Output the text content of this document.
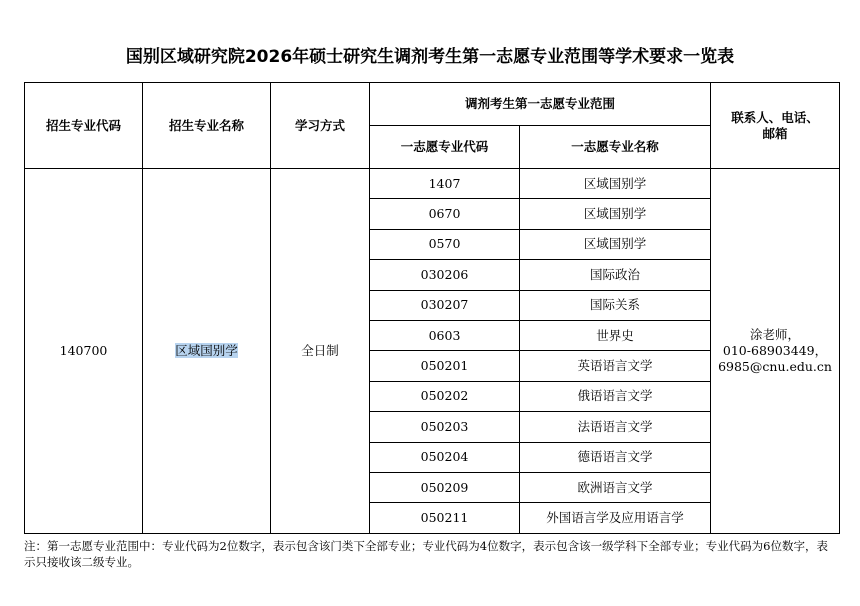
国别区域研究院2026年硕士研究生调剂考生第一志愿专业范围等学术要求一览表
招生专业代码	招生专业名称	学习方式	调剂考生第一志愿专业范围		联系人、电话、邮箱
			一志愿专业代码	一志愿专业名称	
140700	区域国别学	全日制	1407	区域国别学	涂老师，
010-68903449，
6985@cnu.edu.cn

			0670	区域国别学	
			0570	区域国别学	
			030206	国际政治	
			030207	国际关系	
			0603	世界史	
			050201	英语语言文学	
			050202	俄语语言文学	
			050203	法语语言文学	
			050204	德语语言文学	
			050209	欧洲语言文学	
			050211	外国语言学及应用语言学	
注：第一志愿专业范围中：专业代码为2位数字，表示包含该门类下全部专业；专业代码为4位数字，表示包含该一级学科下全部专业；专业代码为6位数字，表示只接收该二级专业。
